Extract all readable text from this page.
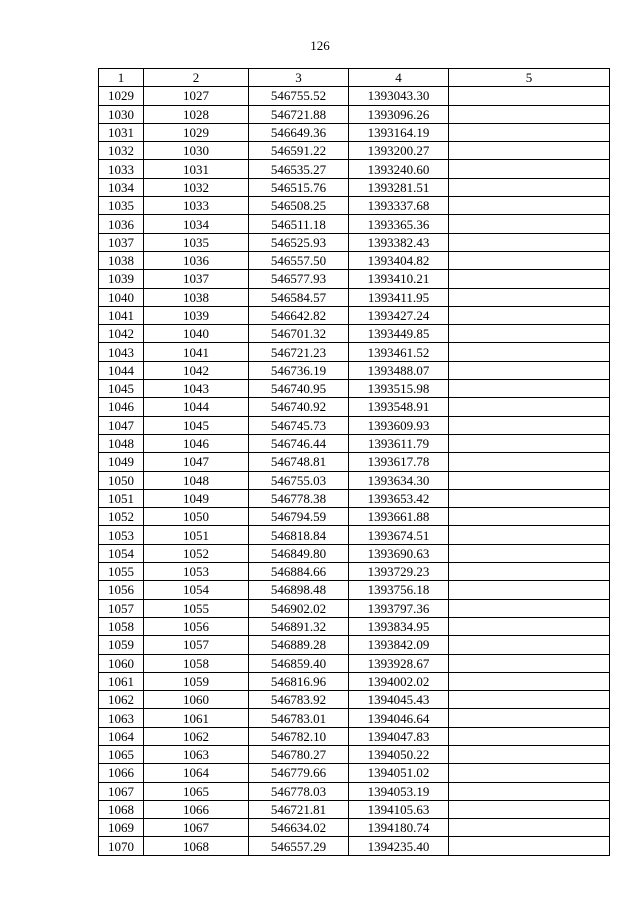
126
1	2	3	4	5
1029	1027	546755.52	1393043.30	
1030	1028	546721.88	1393096.26	
1031	1029	546649.36	1393164.19	
1032	1030	546591.22	1393200.27	
1033	1031	546535.27	1393240.60	
1034	1032	546515.76	1393281.51	
1035	1033	546508.25	1393337.68	
1036	1034	546511.18	1393365.36	
1037	1035	546525.93	1393382.43	
1038	1036	546557.50	1393404.82	
1039	1037	546577.93	1393410.21	
1040	1038	546584.57	1393411.95	
1041	1039	546642.82	1393427.24	
1042	1040	546701.32	1393449.85	
1043	1041	546721.23	1393461.52	
1044	1042	546736.19	1393488.07	
1045	1043	546740.95	1393515.98	
1046	1044	546740.92	1393548.91	
1047	1045	546745.73	1393609.93	
1048	1046	546746.44	1393611.79	
1049	1047	546748.81	1393617.78	
1050	1048	546755.03	1393634.30	
1051	1049	546778.38	1393653.42	
1052	1050	546794.59	1393661.88	
1053	1051	546818.84	1393674.51	
1054	1052	546849.80	1393690.63	
1055	1053	546884.66	1393729.23	
1056	1054	546898.48	1393756.18	
1057	1055	546902.02	1393797.36	
1058	1056	546891.32	1393834.95	
1059	1057	546889.28	1393842.09	
1060	1058	546859.40	1393928.67	
1061	1059	546816.96	1394002.02	
1062	1060	546783.92	1394045.43	
1063	1061	546783.01	1394046.64	
1064	1062	546782.10	1394047.83	
1065	1063	546780.27	1394050.22	
1066	1064	546779.66	1394051.02	
1067	1065	546778.03	1394053.19	
1068	1066	546721.81	1394105.63	
1069	1067	546634.02	1394180.74	
1070	1068	546557.29	1394235.40	
